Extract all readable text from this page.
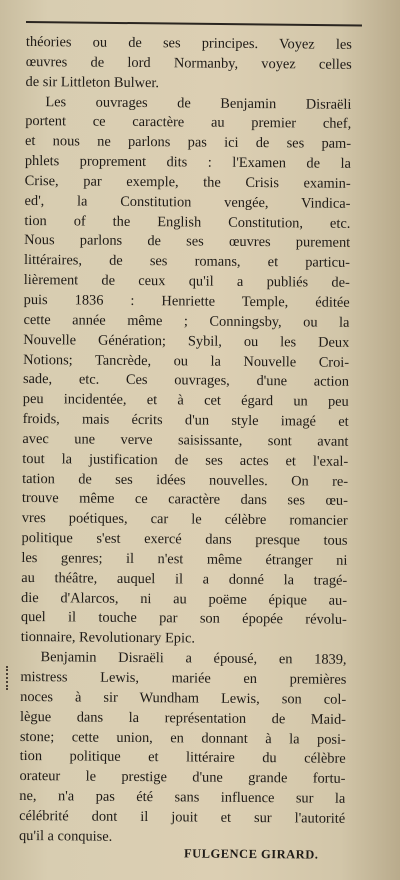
théories ou de ses principes. Voyez les
œuvres de lord Normanby, voyez celles
de sir Littleton Bulwer.
Les ouvrages de Benjamin Disraëli
portent ce caractère au premier chef,
et nous ne parlons pas ici de ses pam-
phlets proprement dits : l'Examen de la
Crise, par exemple, the Crisis examin-
ed', la Constitution vengée, Vindica-
tion of the English Constitution, etc.
Nous parlons de ses œuvres purement
littéraires, de ses romans, et particu-
lièrement de ceux qu'il a publiés de-
puis 1836 : Henriette Temple, éditée
cette année même ; Conningsby, ou la
Nouvelle Génération; Sybil, ou les Deux
Notions; Tancrède, ou la Nouvelle Croi-
sade, etc. Ces ouvrages, d'une action
peu incidentée, et à cet égard un peu
froids, mais écrits d'un style imagé et
avec une verve saisissante, sont avant
tout la justification de ses actes et l'exal-
tation de ses idées nouvelles. On re-
trouve même ce caractère dans ses œu-
vres poétiques, car le célèbre romancier
politique s'est exercé dans presque tous
les genres; il n'est même étranger ni
au théâtre, auquel il a donné la tragé-
die d'Alarcos, ni au poëme épique au-
quel il touche par son épopée révolu-
tionnaire, Revolutionary Epic.
Benjamin Disraëli a épousé, en 1839,
mistress Lewis, mariée en premières
noces à sir Wundham Lewis, son col-
lègue dans la représentation de Maid-
stone; cette union, en donnant à la posi-
tion politique et littéraire du célèbre
orateur le prestige d'une grande fortu-
ne, n'a pas été sans influence sur la
célébrité dont il jouit et sur l'autorité
qu'il a conquise.
FULGENCE GIRARD.
